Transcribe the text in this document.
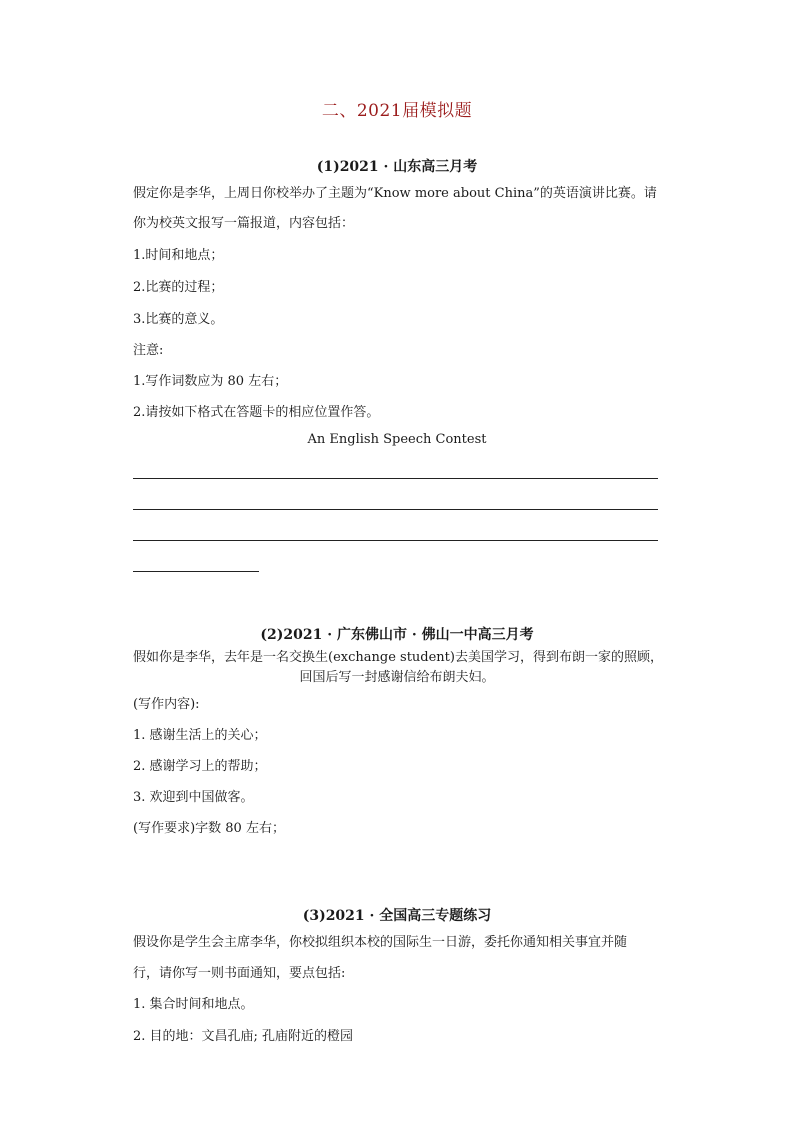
二、2021届模拟题
(1)2021 · 山东高三月考
假定你是李华，上周日你校举办了主题为“Know more about China”的英语演讲比赛。请
你为校英文报写一篇报道，内容包括：
1.时间和地点；
2.比赛的过程；
3.比赛的意义。
注意:
1.写作词数应为 80 左右；
2.请按如下格式在答题卡的相应位置作答。
An English Speech Contest
(2)2021 · 广东佛山市 · 佛山一中高三月考
假如你是李华，去年是一名交换生(exchange student)去美国学习，得到布朗一家的照顾，
回国后写一封感谢信给布朗夫妇。
(写作内容):
1. 感谢生活上的关心；
2. 感谢学习上的帮助；
3. 欢迎到中国做客。
(写作要求)字数 80 左右；
(3)2021 · 全国高三专题练习
假设你是学生会主席李华，你校拟组织本校的国际生一日游，委托你通知相关事宜并随
行，请你写一则书面通知，要点包括:
1. 集合时间和地点。
2. 目的地：文昌孔庙; 孔庙附近的橙园
